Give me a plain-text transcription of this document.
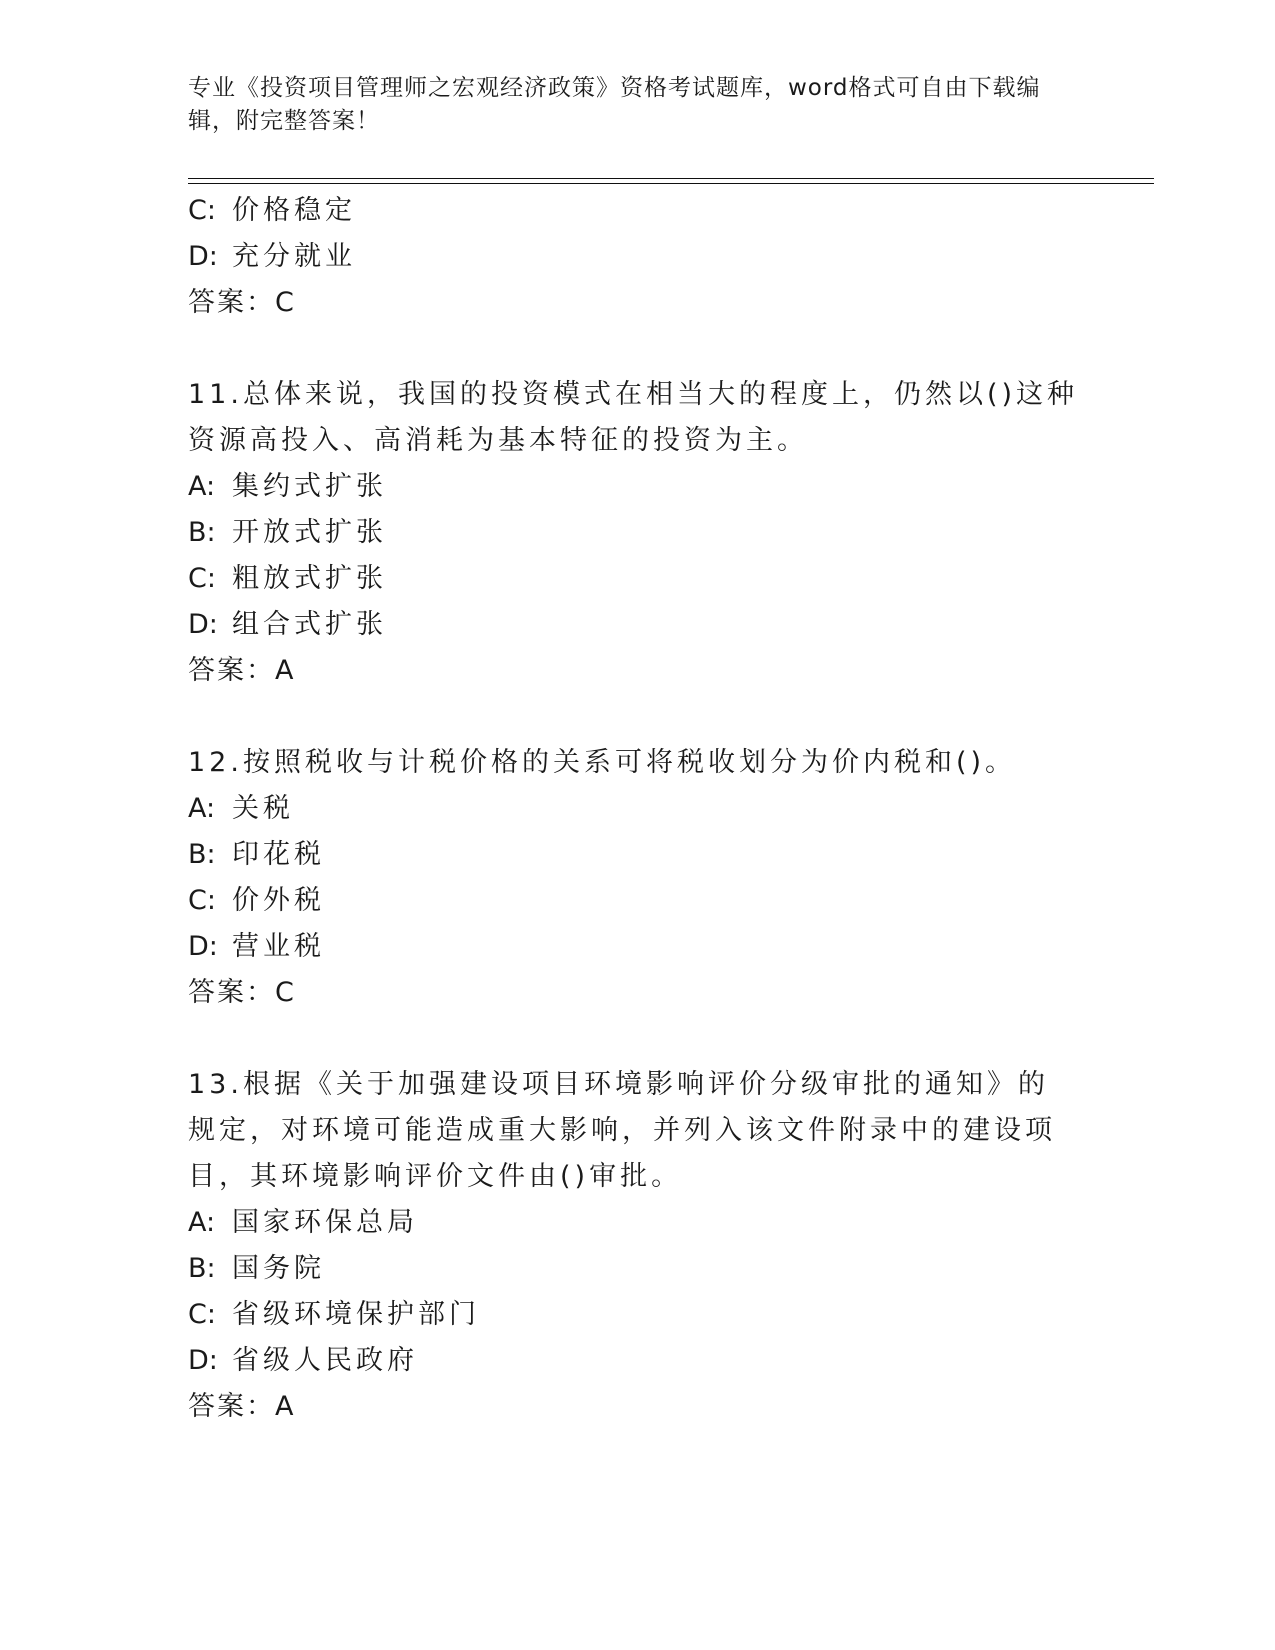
专业《投资项目管理师之宏观经济政策》资格考试题库，word格式可自由下载编辑，附完整答案！
C: 价格稳定
D: 充分就业
答案：C
11.总体来说，我国的投资模式在相当大的程度上，仍然以()这种资源高投入、高消耗为基本特征的投资为主。
A: 集约式扩张
B: 开放式扩张
C: 粗放式扩张
D: 组合式扩张
答案：A
12.按照税收与计税价格的关系可将税收划分为价内税和()。
A: 关税
B: 印花税
C: 价外税
D: 营业税
答案：C
13.根据《关于加强建设项目环境影响评价分级审批的通知》的规定，对环境可能造成重大影响，并列入该文件附录中的建设项目，其环境影响评价文件由()审批。
A: 国家环保总局
B: 国务院
C: 省级环境保护部门
D: 省级人民政府
答案：A
